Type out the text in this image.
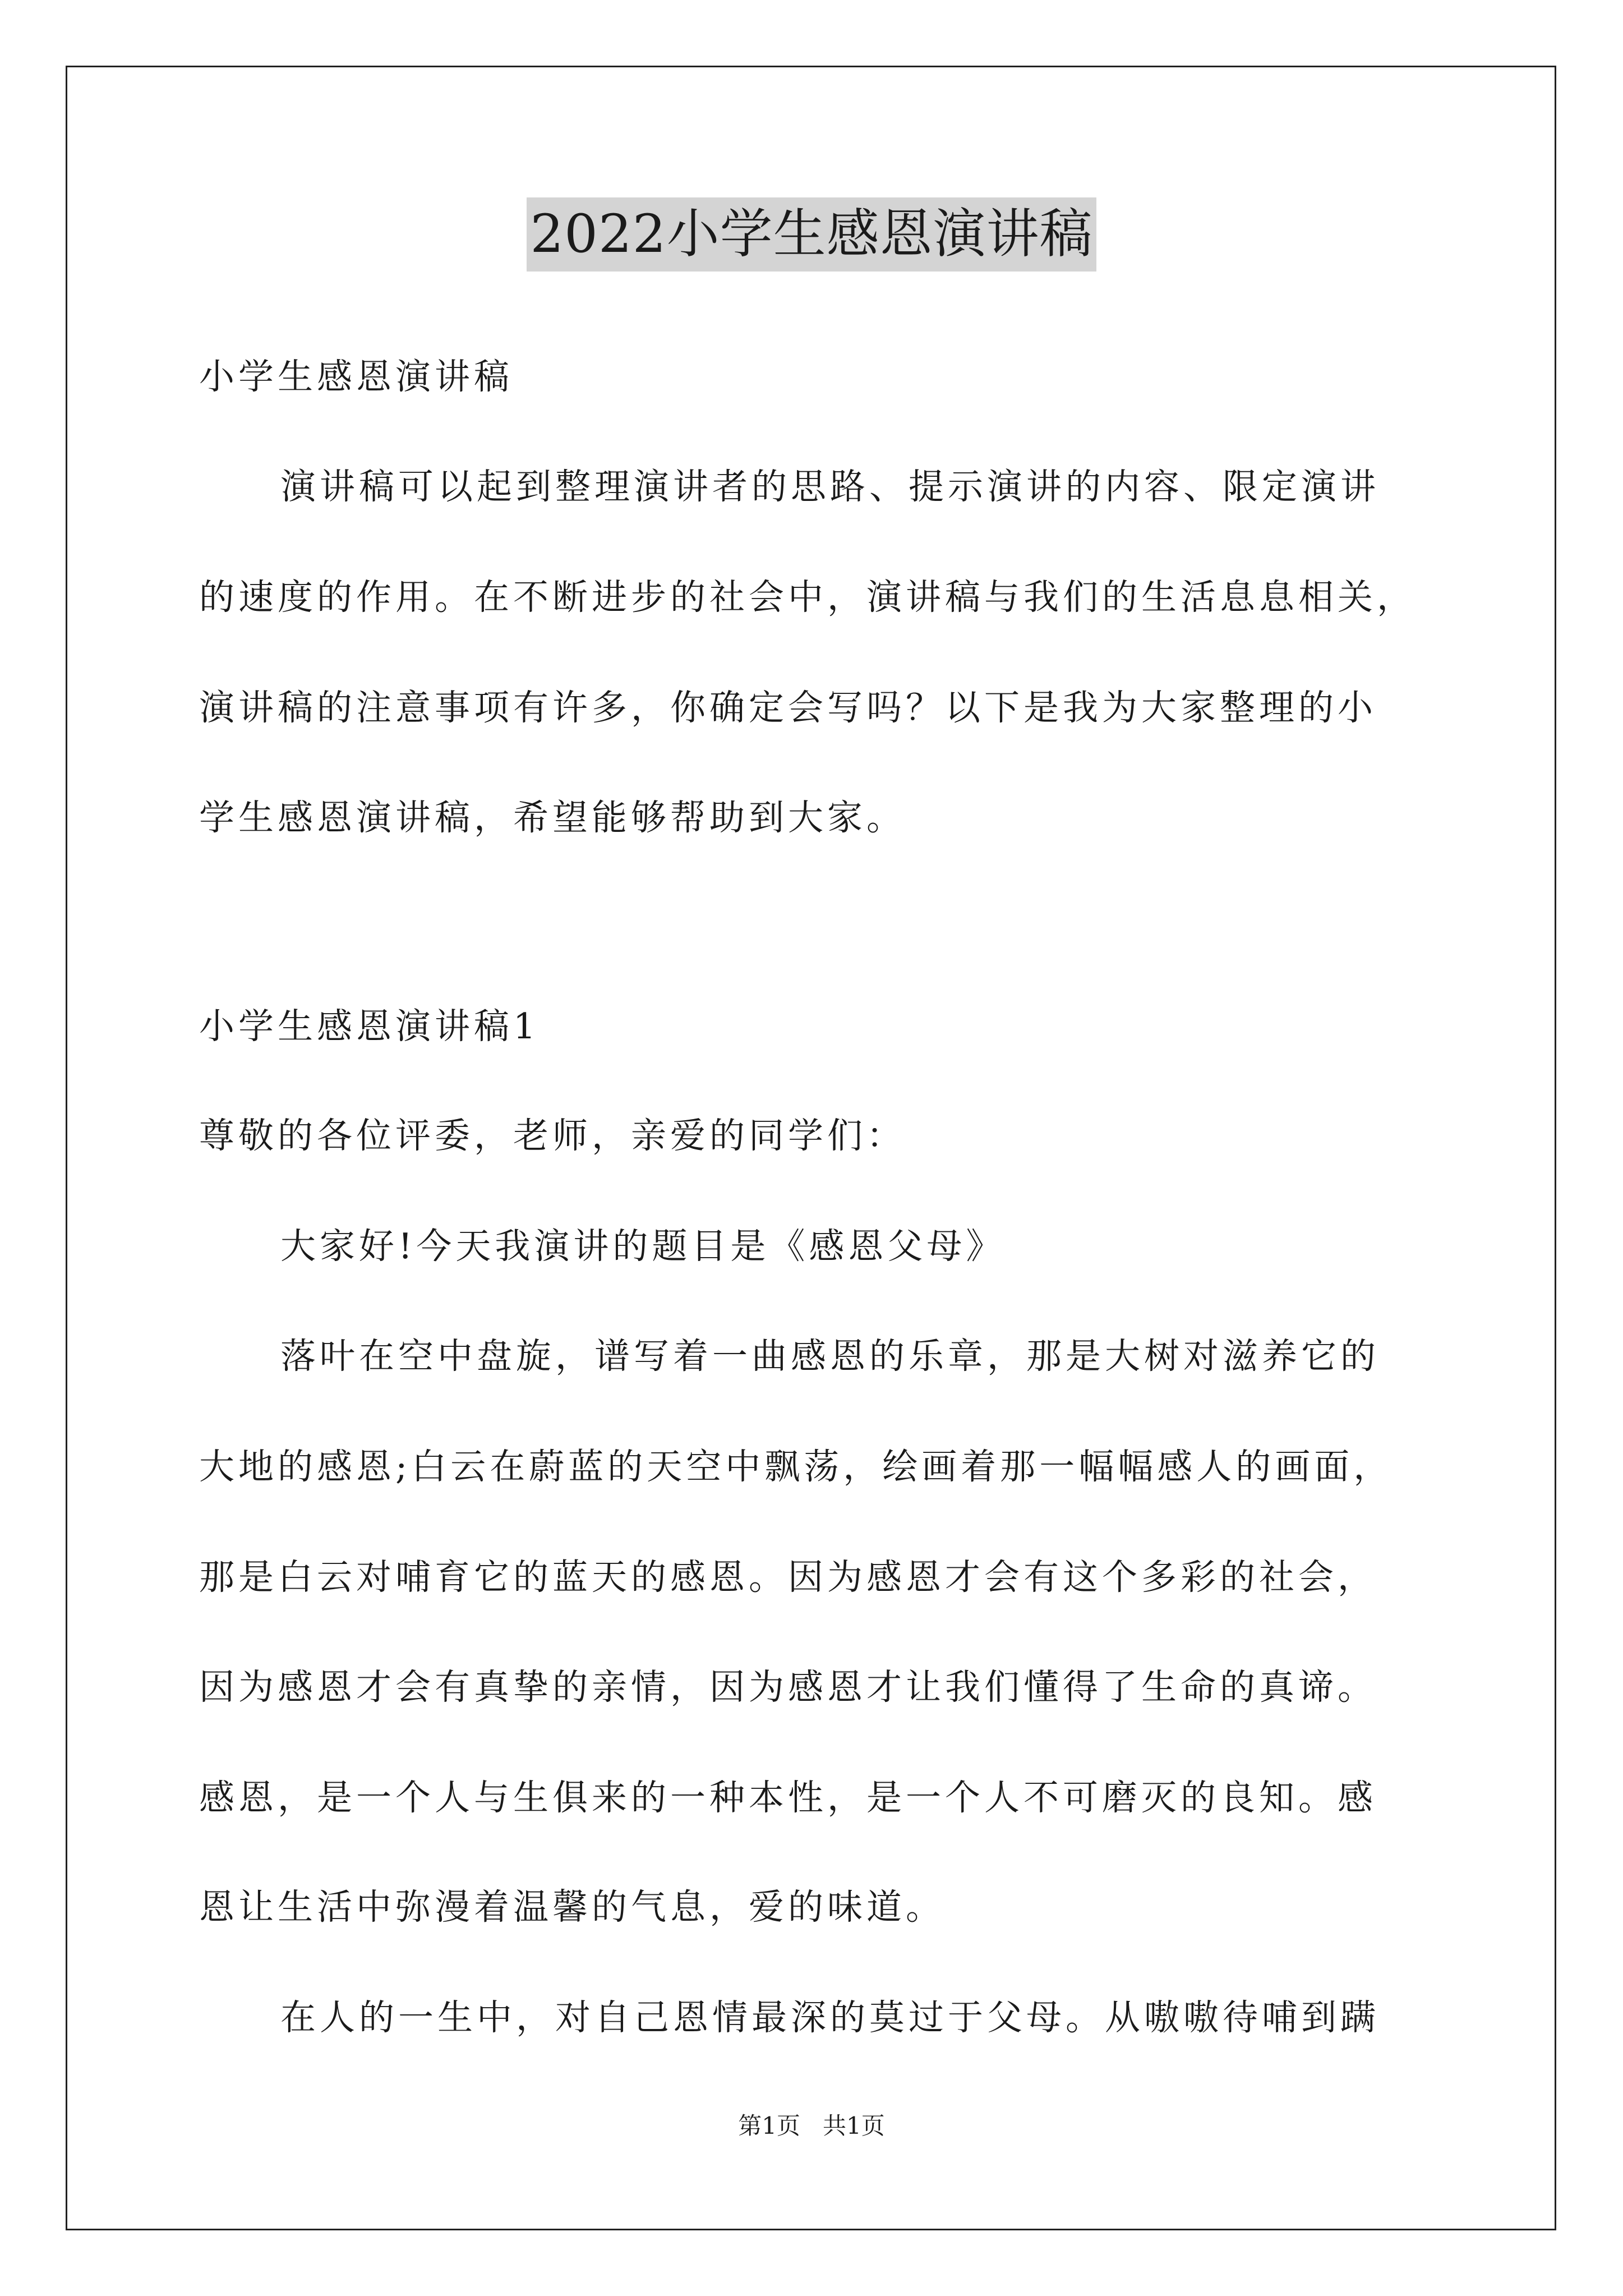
2022小学生感恩演讲稿
小学生感恩演讲稿
演讲稿可以起到整理演讲者的思路、提示演讲的内容、限定演讲
的速度的作用。在不断进步的社会中，演讲稿与我们的生活息息相关，
演讲稿的注意事项有许多，你确定会写吗？以下是我为大家整理的小
学生感恩演讲稿，希望能够帮助到大家。
小学生感恩演讲稿1
尊敬的各位评委，老师，亲爱的同学们：
大家好!今天我演讲的题目是《感恩父母》
落叶在空中盘旋，谱写着一曲感恩的乐章，那是大树对滋养它的
大地的感恩;白云在蔚蓝的天空中飘荡，绘画着那一幅幅感人的画面，
那是白云对哺育它的蓝天的感恩。因为感恩才会有这个多彩的社会，
因为感恩才会有真挚的亲情，因为感恩才让我们懂得了生命的真谛。
感恩，是一个人与生俱来的一种本性，是一个人不可磨灭的良知。感
恩让生活中弥漫着温馨的气息，爱的味道。
在人的一生中，对自己恩情最深的莫过于父母。从嗷嗷待哺到蹒
第1页   共1页
